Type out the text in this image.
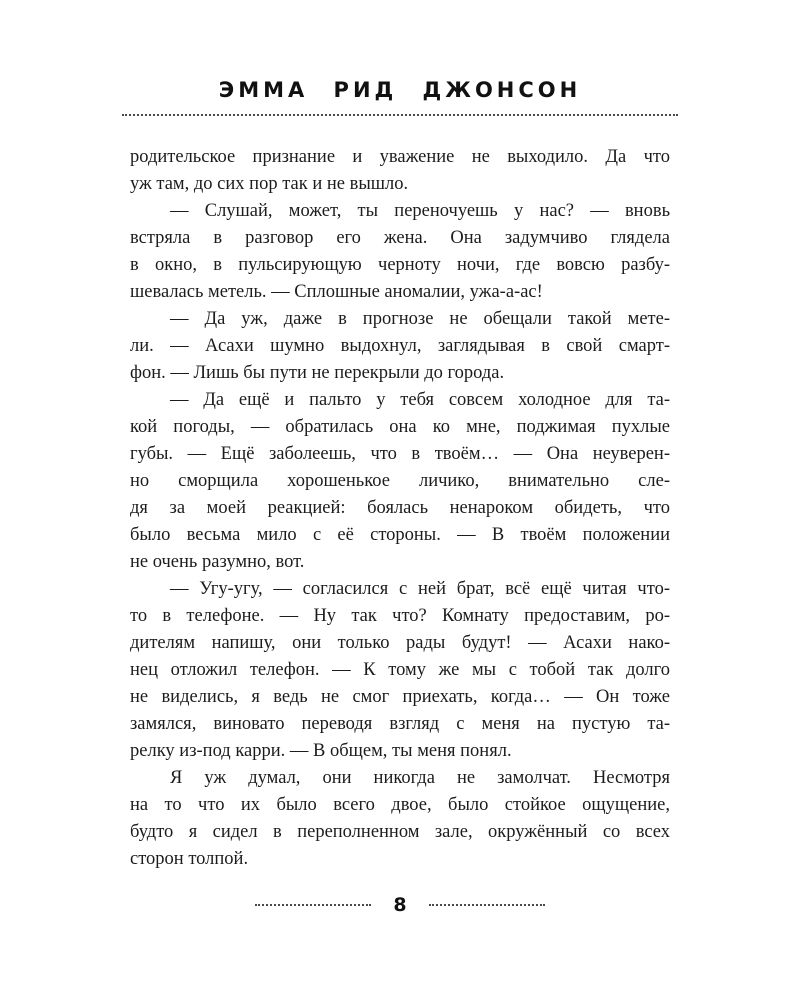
ЭММА РИД ДЖОНСОН
родительское признание и уважение не выходило. Да что
уж там, до сих пор так и не вышло.
— Слушай, может, ты переночуешь у нас? — вновь
встряла в разговор его жена. Она задумчиво глядела
в окно, в пульсирующую черноту ночи, где вовсю разбу-
шевалась метель. — Сплошные аномалии, ужа-а-ас!
— Да уж, даже в прогнозе не обещали такой мете-
ли. — Асахи шумно выдохнул, заглядывая в свой смарт-
фон. — Лишь бы пути не перекрыли до города.
— Да ещё и пальто у тебя совсем холодное для та-
кой погоды, — обратилась она ко мне, поджимая пухлые
губы. — Ещё заболеешь, что в твоём… — Она неуверен-
но сморщила хорошенькое личико, внимательно сле-
дя за моей реакцией: боялась ненароком обидеть, что
было весьма мило с её стороны. — В твоём положении
не очень разумно, вот.
— Угу-угу, — согласился с ней брат, всё ещё читая что-
то в телефоне. — Ну так что? Комнату предоставим, ро-
дителям напишу, они только рады будут! — Асахи нако-
нец отложил телефон. — К тому же мы с тобой так долго
не виделись, я ведь не смог приехать, когда… — Он тоже
замялся, виновато переводя взгляд с меня на пустую та-
релку из-под карри. — В общем, ты меня понял.
Я уж думал, они никогда не замолчат. Несмотря
на то что их было всего двое, было стойкое ощущение,
будто я сидел в переполненном зале, окружённый со всех
сторон толпой.
8
